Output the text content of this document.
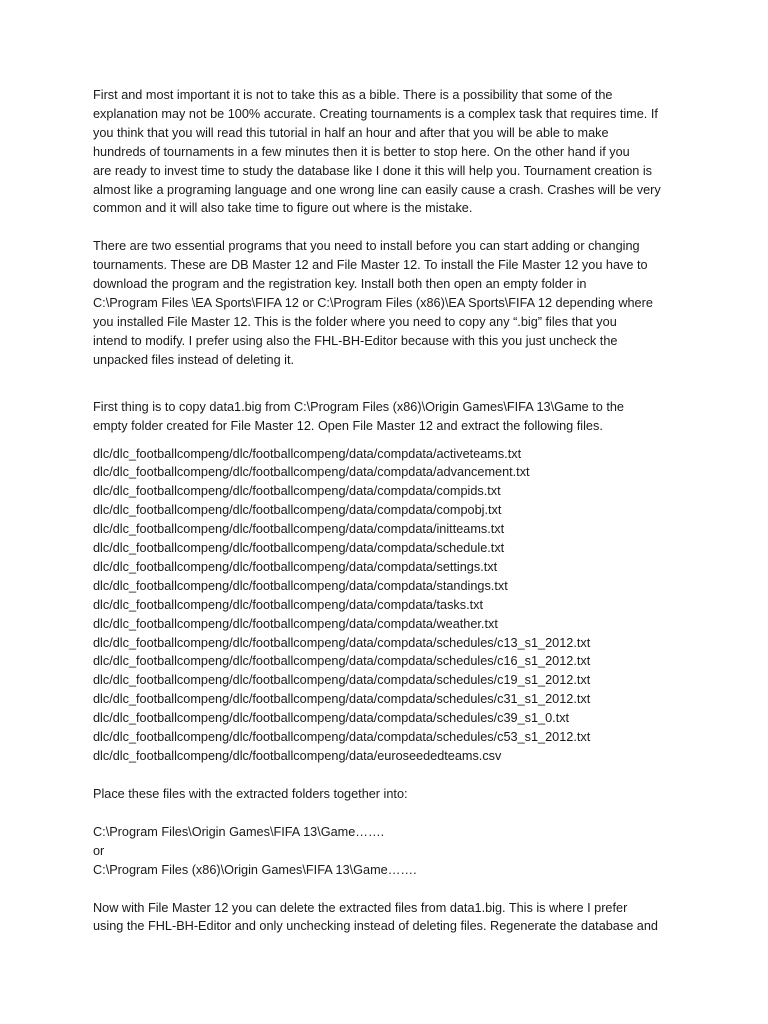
First and most important it is not to take this as a bible. There is a possibility that some of the
explanation may not be 100% accurate. Creating tournaments is a complex task that requires time. If
you think that you will read this tutorial in half an hour and after that you will be able to make
hundreds of tournaments in a few minutes then it is better to stop here. On the other hand if you
are ready to invest time to study the database like I done it this will help you. Tournament creation is
almost like a programing language and one wrong line can easily cause a crash. Crashes will be very
common and it will also take time to figure out where is the mistake.

There are two essential programs that you need to install before you can start adding or changing
tournaments. These are DB Master 12 and File Master 12. To install the File Master 12 you have to
download the program and the registration key. Install both then open an empty folder in
C:\Program Files \EA Sports\FIFA 12 or C:\Program Files (x86)\EA Sports\FIFA 12 depending where
you installed File Master 12. This is the folder where you need to copy any “.big” files that you
intend to modify. I prefer using also the FHL-BH-Editor because with this you just uncheck the
unpacked files instead of deleting it.

First thing is to copy data1.big from C:\Program Files (x86)\Origin Games\FIFA 13\Game to the
empty folder created for File Master 12. Open File Master 12 and extract the following files.

dlc/dlc_footballcompeng/dlc/footballcompeng/data/compdata/activeteams.txt
dlc/dlc_footballcompeng/dlc/footballcompeng/data/compdata/advancement.txt
dlc/dlc_footballcompeng/dlc/footballcompeng/data/compdata/compids.txt
dlc/dlc_footballcompeng/dlc/footballcompeng/data/compdata/compobj.txt
dlc/dlc_footballcompeng/dlc/footballcompeng/data/compdata/initteams.txt
dlc/dlc_footballcompeng/dlc/footballcompeng/data/compdata/schedule.txt
dlc/dlc_footballcompeng/dlc/footballcompeng/data/compdata/settings.txt
dlc/dlc_footballcompeng/dlc/footballcompeng/data/compdata/standings.txt
dlc/dlc_footballcompeng/dlc/footballcompeng/data/compdata/tasks.txt
dlc/dlc_footballcompeng/dlc/footballcompeng/data/compdata/weather.txt
dlc/dlc_footballcompeng/dlc/footballcompeng/data/compdata/schedules/c13_s1_2012.txt
dlc/dlc_footballcompeng/dlc/footballcompeng/data/compdata/schedules/c16_s1_2012.txt
dlc/dlc_footballcompeng/dlc/footballcompeng/data/compdata/schedules/c19_s1_2012.txt
dlc/dlc_footballcompeng/dlc/footballcompeng/data/compdata/schedules/c31_s1_2012.txt
dlc/dlc_footballcompeng/dlc/footballcompeng/data/compdata/schedules/c39_s1_0.txt
dlc/dlc_footballcompeng/dlc/footballcompeng/data/compdata/schedules/c53_s1_2012.txt
dlc/dlc_footballcompeng/dlc/footballcompeng/data/euroseededteams.csv

Place these files with the extracted folders together into:

C:\Program Files\Origin Games\FIFA 13\Game…….
or
C:\Program Files (x86)\Origin Games\FIFA 13\Game…….

Now with File Master 12 you can delete the extracted files from data1.big. This is where I prefer
using the FHL-BH-Editor and only unchecking instead of deleting files. Regenerate the database and
